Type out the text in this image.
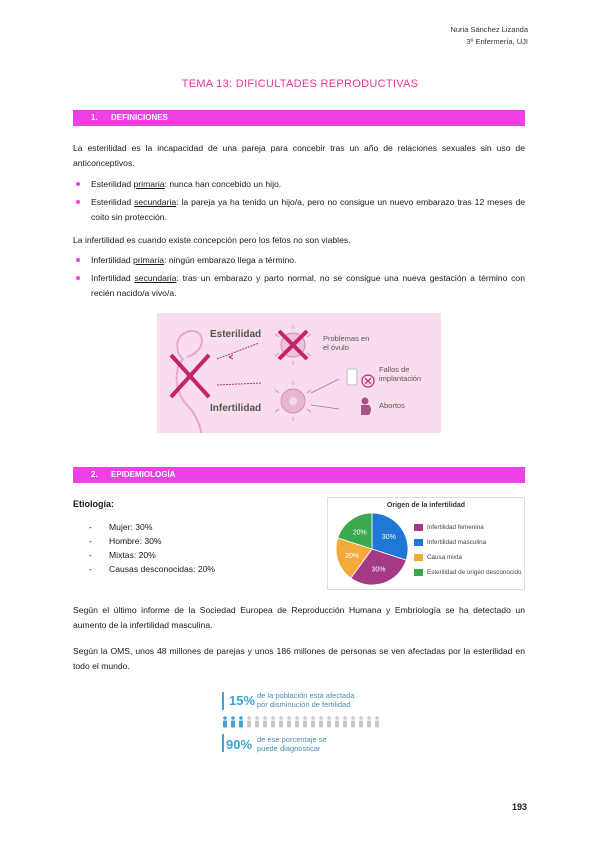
Nuria Sánchez Lizanda
3º Enfermería, UJI
TEMA 13: DIFICULTADES REPRODUCTIVAS
1. DEFINICIONES
La esterilidad es la incapacidad de una pareja para concebir tras un año de relaciones sexuales sin uso de anticonceptivos.
Esterilidad primaria: nunca han concebido un hijo.
Esterilidad secundaria: la pareja ya ha tenido un hijo/a, pero no consigue un nuevo embarazo tras 12 meses de coito sin protección.
La infertilidad es cuando existe concepción pero los fetos no son viables.
Infertilidad primaria: ningún embarazo llega a término.
Infertilidad secundaria: tras un embarazo y parto normal, no se consigue una nueva gestación a término con recién nacido/a vivo/a.
Esterilidad
Infertilidad
Problemas en
el óvulo
Fallos de
implantación
Abortos
2. EPIDEMIOLOGÍA
Etiología:
- Mujer: 30%
- Hombre: 30%
- Mixtas: 20%
- Causas desconocidas: 20%
Origen de la infertilidad
30%
30%
20%
20%
Infertilidad femenina
Infertilidad masculina
Causa mixta
Esterilidad de origen desconocido
Según el último informe de la Sociedad Europea de Reproducción Humana y Embriología se ha detectado un aumento de la infertilidad masculina.
Según la OMS, unos 48 millones de parejas y unos 186 millones de personas se ven afectadas por la esterilidad en todo el mundo.
15% de la población está afectada
por disminución de fertilidad
90% de ese porcentaje se
puede diagnosticar
193
